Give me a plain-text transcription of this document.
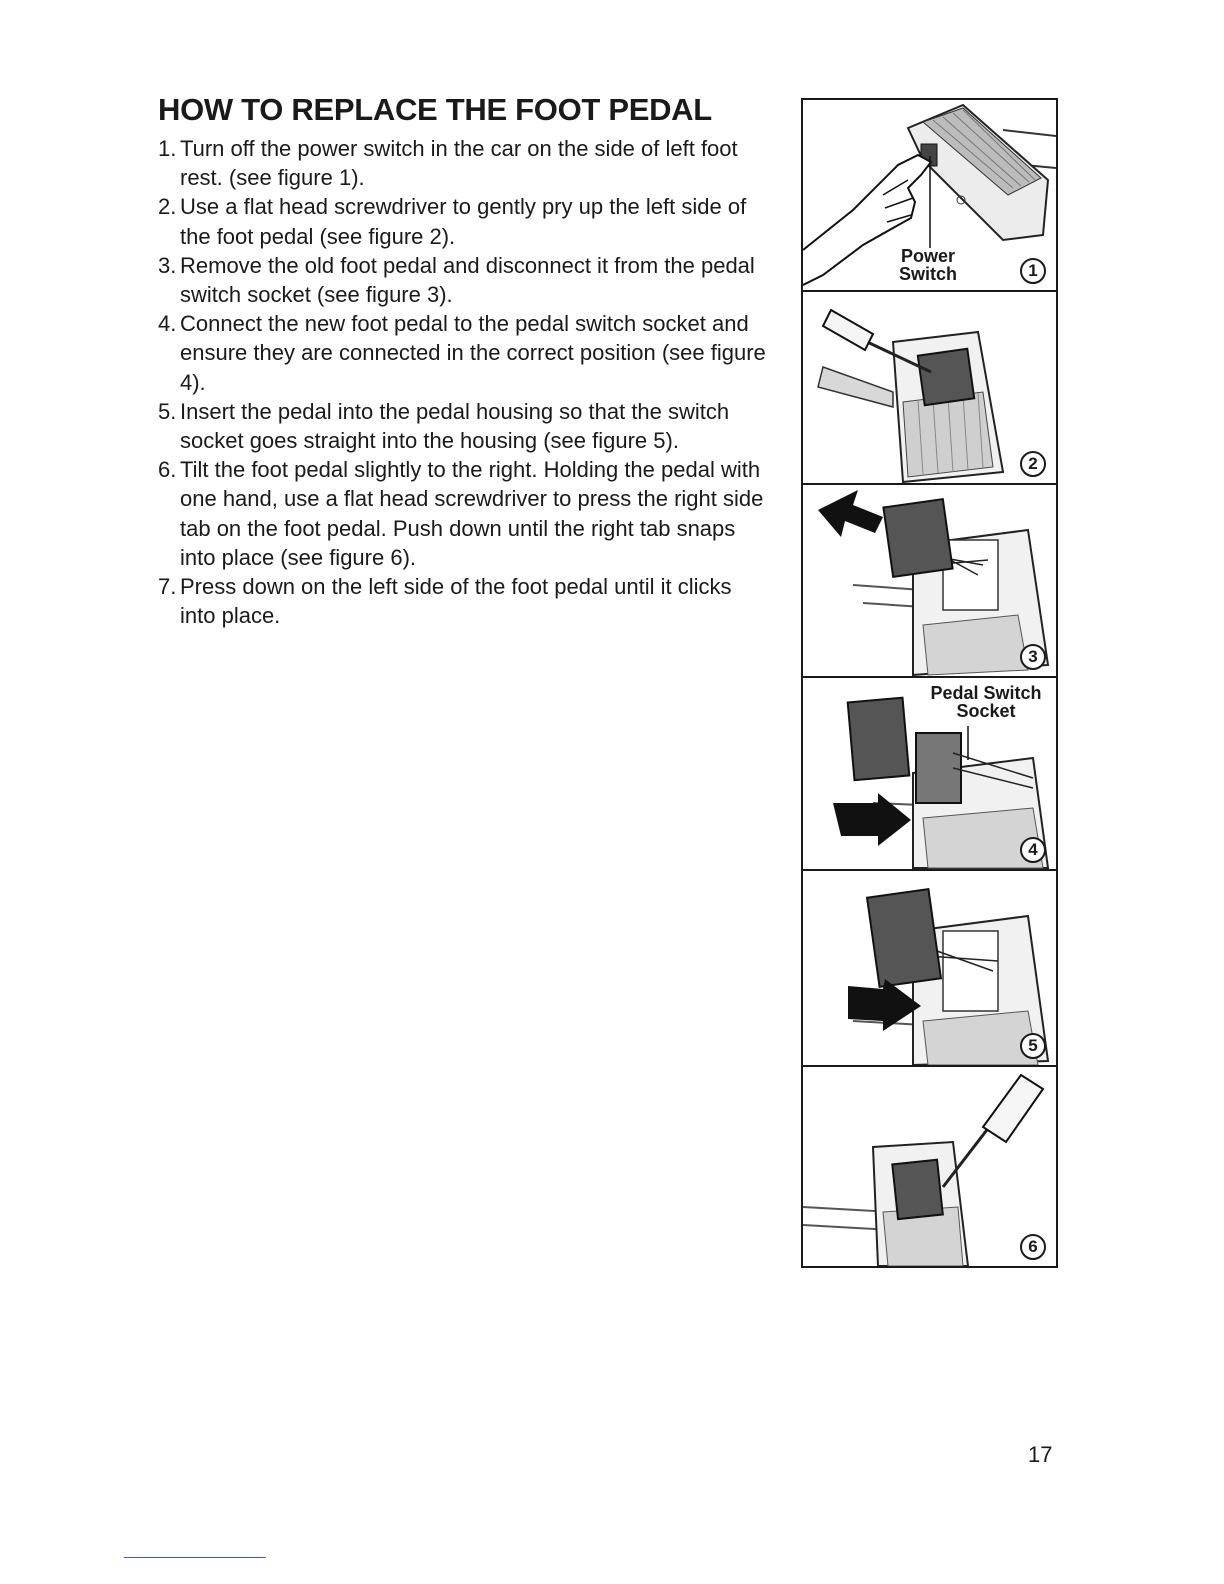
HOW TO REPLACE THE FOOT PEDAL
1. Turn off the power switch in the car on the side of left foot rest. (see figure 1).
2. Use a flat head screwdriver to gently pry up the left side of the foot pedal (see figure 2).
3. Remove the old foot pedal and disconnect it from the pedal switch socket (see figure 3).
4. Connect the new foot pedal to the pedal switch socket and ensure they are connected in the correct position (see figure 4).
5. Insert the pedal into the pedal housing so that the switch socket goes straight into the housing (see figure 5).
6. Tilt the foot pedal slightly to the right. Holding the pedal with one hand, use a flat head screwdriver to press the right side tab on the foot pedal. Push down until the right tab snaps into place (see figure 6).
7. Press down on the left side of the foot pedal until it clicks into place.
Power
Switch	1
2
3
Pedal Switch
Socket
4
5
6
17
